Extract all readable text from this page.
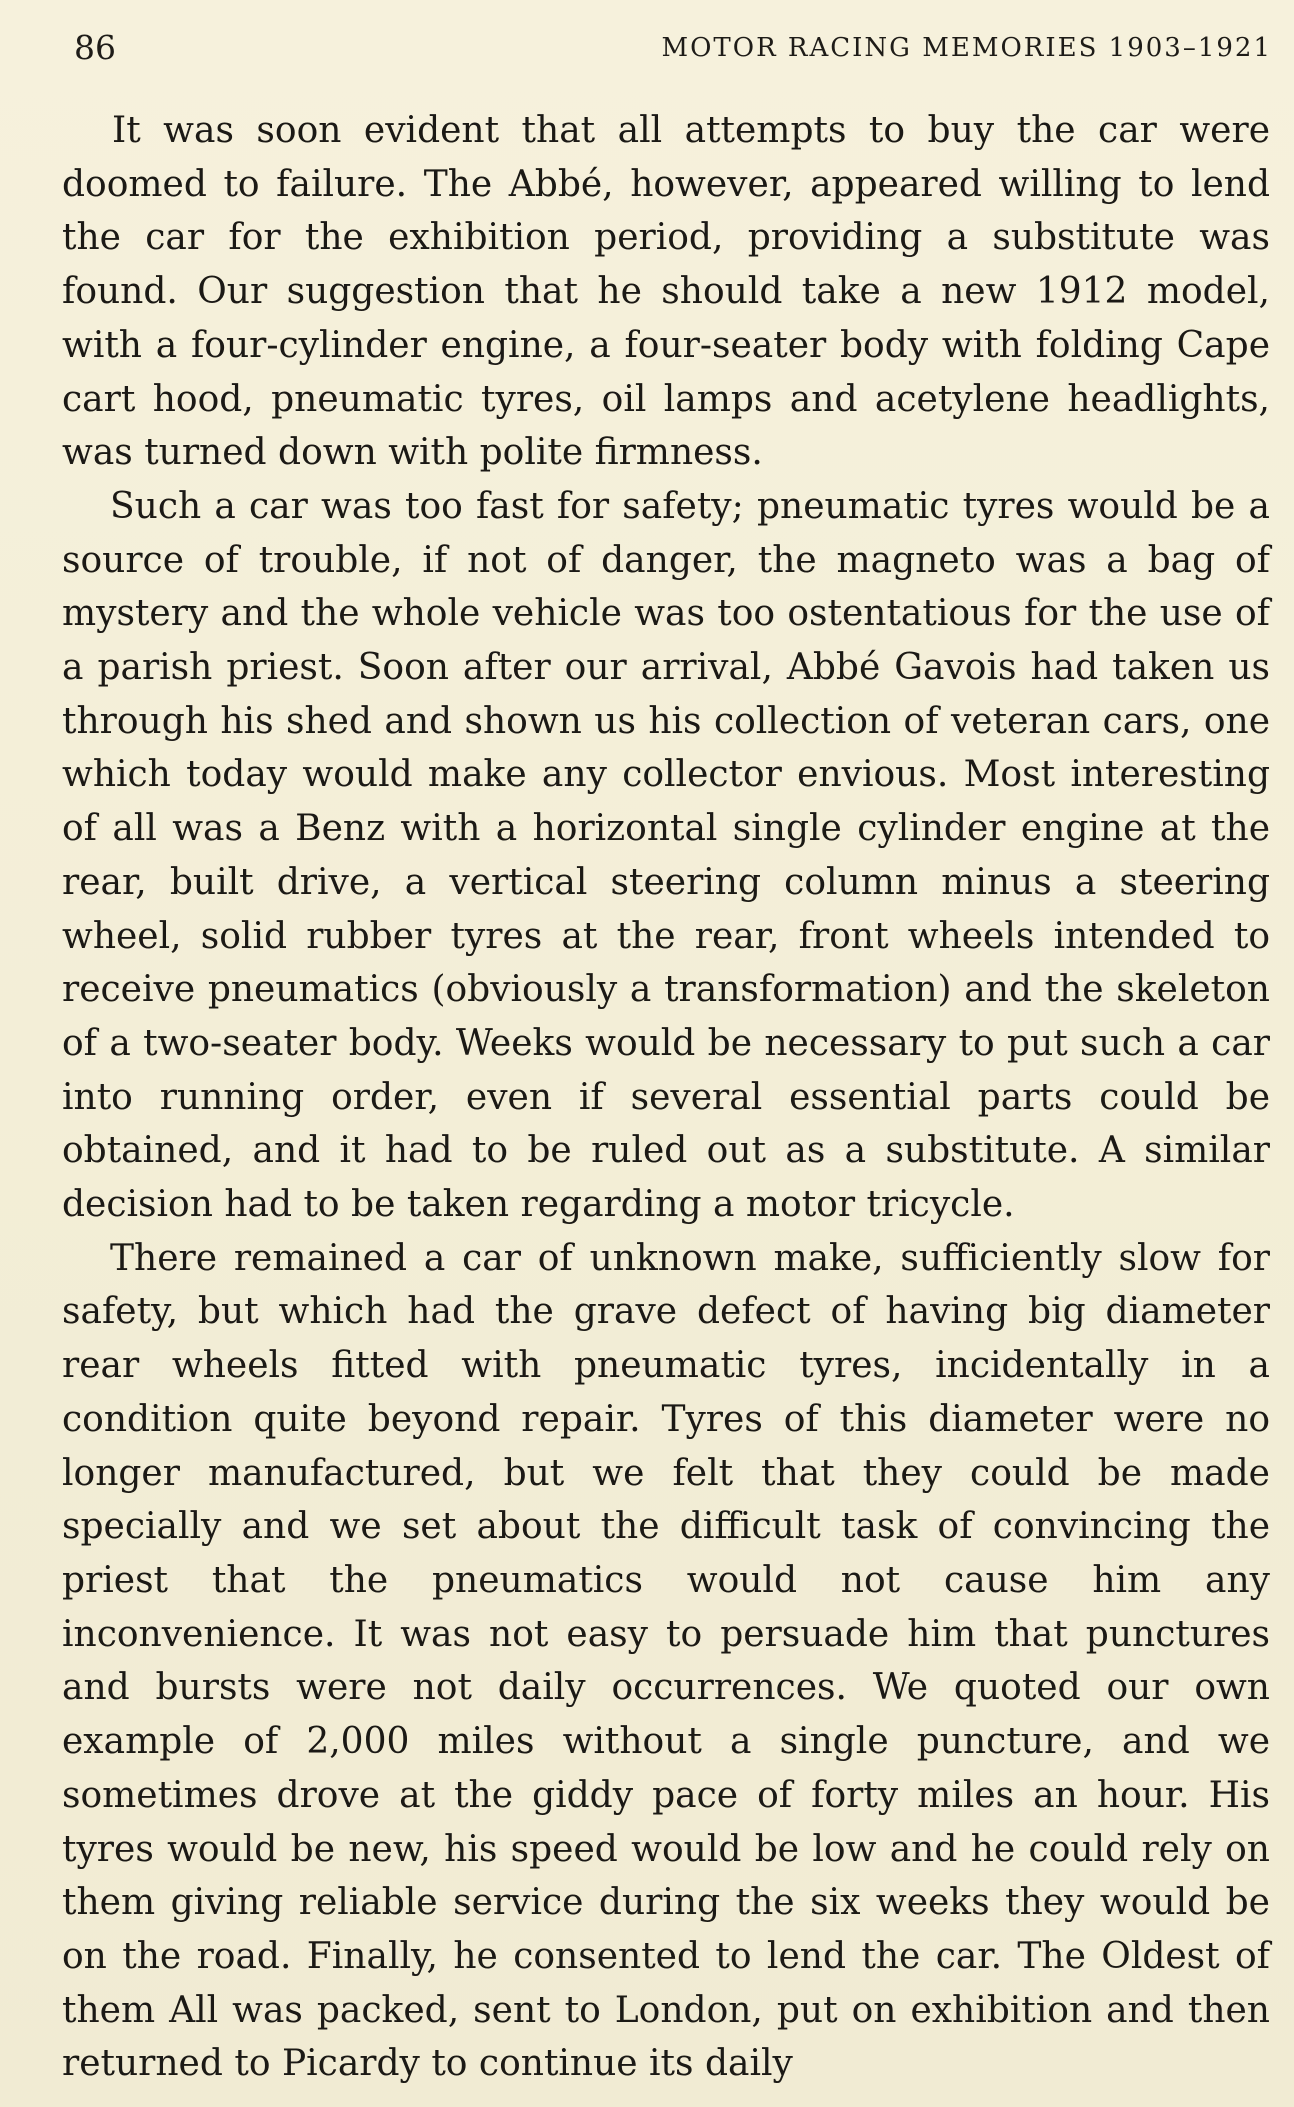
86	MOTOR RACING MEMORIES 1903–1921

It was soon evident that all attempts to buy the car were doomed to failure. The Abbé, however, appeared willing to lend the car for the exhibition period, providing a substitute was found. Our suggestion that he should take a new 1912 model, with a four-cylinder engine, a four-seater body with folding Cape cart hood, pneumatic tyres, oil lamps and acetylene headlights, was turned down with polite firmness.

Such a car was too fast for safety; pneumatic tyres would be a source of trouble, if not of danger, the magneto was a bag of mystery and the whole vehicle was too ostentatious for the use of a parish priest. Soon after our arrival, Abbé Gavois had taken us through his shed and shown us his collection of veteran cars, one which today would make any collector envious. Most interesting of all was a Benz with a horizontal single cylinder engine at the rear, built drive, a vertical steering column minus a steering wheel, solid rubber tyres at the rear, front wheels intended to receive pneumatics (obviously a transformation) and the skeleton of a two-seater body. Weeks would be necessary to put such a car into running order, even if several essential parts could be obtained, and it had to be ruled out as a substitute. A similar decision had to be taken regarding a motor tricycle.

There remained a car of unknown make, sufficiently slow for safety, but which had the grave defect of having big diameter rear wheels fitted with pneumatic tyres, incidentally in a condition quite beyond repair. Tyres of this diameter were no longer manufactured, but we felt that they could be made specially and we set about the difficult task of convincing the priest that the pneumatics would not cause him any inconvenience. It was not easy to persuade him that punctures and bursts were not daily occurrences. We quoted our own example of 2,000 miles without a single puncture, and we sometimes drove at the giddy pace of forty miles an hour. His tyres would be new, his speed would be low and he could rely on them giving reliable service during the six weeks they would be on the road. Finally, he consented to lend the car. The Oldest of them All was packed, sent to London, put on exhibition and then returned to Picardy to continue its daily
